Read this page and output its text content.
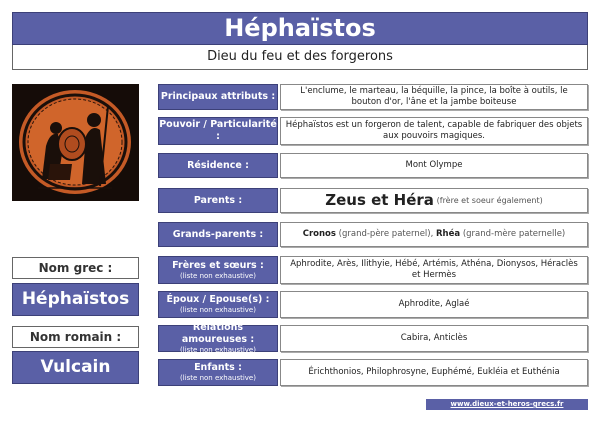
Héphaïstos
Dieu du feu et des forgerons
Principaux attributs :	L'enclume, le marteau, la béquille, la pince, la boîte à outils, le bouton d'or, l'âne et la jambe boiteuse
Pouvoir / Particularité :
Héphaïstos est un forgeron de talent, capable de fabriquer des objets aux pouvoirs magiques.
Résidence :	Mont Olympe
Parents :	Zeus et Héra
(frère et soeur également)
Grands-parents :	Cronos (grand-père paternel), Rhéa (grand-mère paternelle)
Frères et sœurs :
(liste non exhaustive)
Aphrodite, Arès, Ilithyie, Hébé, Artémis, Athéna, Dionysos, Héraclès et Hermès
Époux / Epouse(s) :
(liste non exhaustive)
Aphrodite, Aglaé
Relations amoureuses :
(liste non exhaustive)
Cabira, Anticlès
Enfants :
(liste non exhaustive)
Érichthonios, Philophrosyne, Euphémé, Eukléia et Euthénia
Nom grec :
Héphaïstos
Nom romain :
Vulcain
www.dieux-et-heros-grecs.fr
